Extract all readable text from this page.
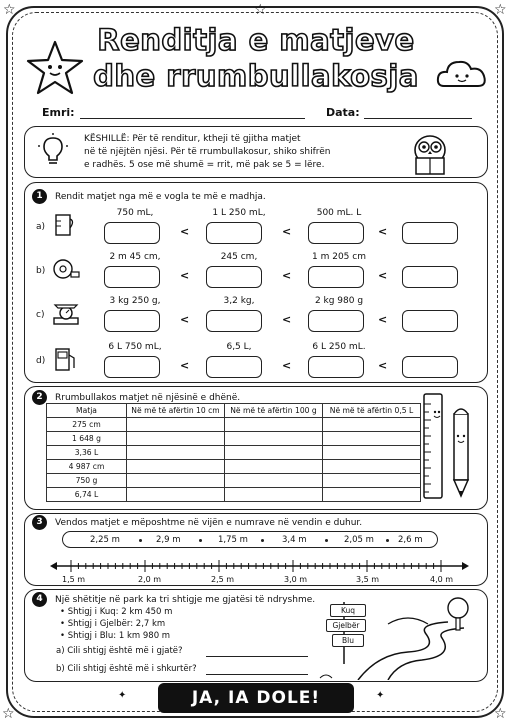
☆	☆	☆
☆	☆
✦	✦
Renditja e matjeve
dhe rrumbullakosja
Emri:	Data:
KËSHILLË: Për të renditur, ktheji të gjitha matjet
në të njëjtën njësi. Për të rrumbullakosur, shiko shifrën
e radhës. 5 ose më shumë = rrit, më pak se 5 = lëre.
1	Rendit matjet nga më e vogla te më e madhja.
a)
750 mL,	1 L 250 mL,	500 mL. L
<	<	<
b)
2 m 45 cm,	245 cm,	1 m 205 cm
<	<	<
c)
3 kg 250 g,	3,2 kg,	2 kg 980 g
<	<	<
d)
6 L 750 mL,	6,5 L,	6 L 250 mL.
<	<	<
2	Rrumbullakos matjet në njësinë e dhënë.
Matja	Në më të afërtin 10 cm	Në më të afërtin 100 g	Në më të afërtin 0,5 L
275 cm			
1 648 g			
3,36 L			
4 987 cm			
750 g			
6,74 L			
3	Vendos matjet e mëposhtme në vijën e numrave në vendin e duhur.
2,25 m	2,9 m	1,75 m	3,4 m	2,05 m	2,6 m
1,5 m	2,0 m	2,5 m	3,0 m	3,5 m	4,0 m
4	Një shëtitje në park ka tri shtigje me gjatësi të ndryshme.
• Shtigj i Kuq: 2 km 450 m
• Shtigj i Gjelbër: 2,7 km
• Shtigj i Blu: 1 km 980 m
a) Cili shtigj është më i gjatë?
b) Cili shtigj është më i shkurtër?
Kuq
Gjelbër
Blu
JA, IA DOLE!
